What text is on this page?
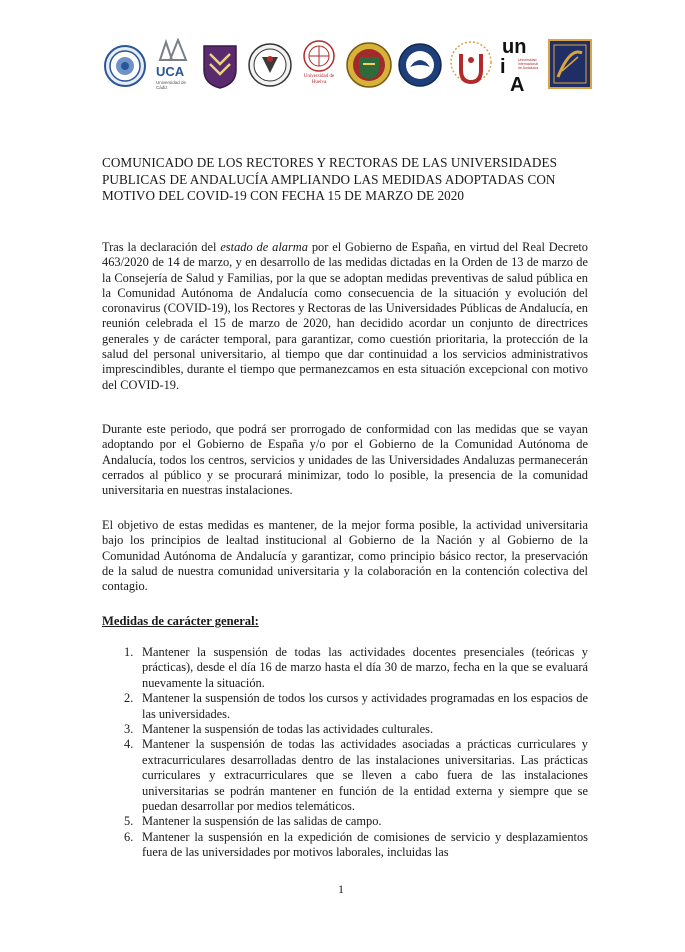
UCA
Universidad de Cádiz
Universidad de Huelva
un
i
A
Universidad Internacional de Andalucía
COMUNICADO DE LOS RECTORES Y RECTORAS DE LAS UNIVERSIDADES PUBLICAS DE ANDALUCÍA AMPLIANDO LAS MEDIDAS ADOPTADAS CON MOTIVO DEL COVID-19 CON FECHA 15 DE MARZO DE 2020

Tras la declaración del estado de alarma por el Gobierno de España, en virtud del Real Decreto 463/2020 de 14 de marzo, y en desarrollo de las medidas dictadas en la Orden de 13 de marzo de la Consejería de Salud y Familias, por la que se adoptan medidas preventivas de salud pública en la Comunidad Autónoma de Andalucía como consecuencia de la situación y evolución del coronavirus (COVID-19), los Rectores y Rectoras de las Universidades Públicas de Andalucía, en reunión celebrada el 15 de marzo de 2020, han decidido acordar un conjunto de directrices generales y de carácter temporal, para garantizar, como cuestión prioritaria, la protección de la salud del personal universitario, al tiempo que dar continuidad a los servicios administrativos imprescindibles, durante el tiempo que permanezcamos en esta situación excepcional con motivo del COVID-19.

Durante este periodo, que podrá ser prorrogado de conformidad con las medidas que se vayan adoptando por el Gobierno de España y/o por el Gobierno de la Comunidad Autónoma de Andalucía, todos los centros, servicios y unidades de las Universidades Andaluzas permanecerán cerrados al público y se procurará minimizar, todo lo posible, la presencia de la comunidad universitaria en nuestras instalaciones.

El objetivo de estas medidas es mantener, de la mejor forma posible, la actividad universitaria bajo los principios de lealtad institucional al Gobierno de la Nación y al Gobierno de la Comunidad Autónoma de Andalucía y garantizar, como principio básico rector, la preservación de la salud de nuestra comunidad universitaria y la colaboración en la contención colectiva del contagio.

Medidas de carácter general:
1. Mantener la suspensión de todas las actividades docentes presenciales (teóricas y prácticas), desde el día 16 de marzo hasta el día 30 de marzo, fecha en la que se evaluará nuevamente la situación.
2. Mantener la suspensión de todos los cursos y actividades programadas en los espacios de las universidades.
3. Mantener la suspensión de todas las actividades culturales.
4. Mantener la suspensión de todas las actividades asociadas a prácticas curriculares y extracurriculares desarrolladas dentro de las instalaciones universitarias. Las prácticas curriculares y extracurriculares que se lleven a cabo fuera de las instalaciones universitarias se podrán mantener en función de la entidad externa y siempre que se puedan desarrollar por medios telemáticos.
5. Mantener la suspensión de las salidas de campo.
6. Mantener la suspensión en la expedición de comisiones de servicio y desplazamientos fuera de las universidades por motivos laborales, incluidas las
1
